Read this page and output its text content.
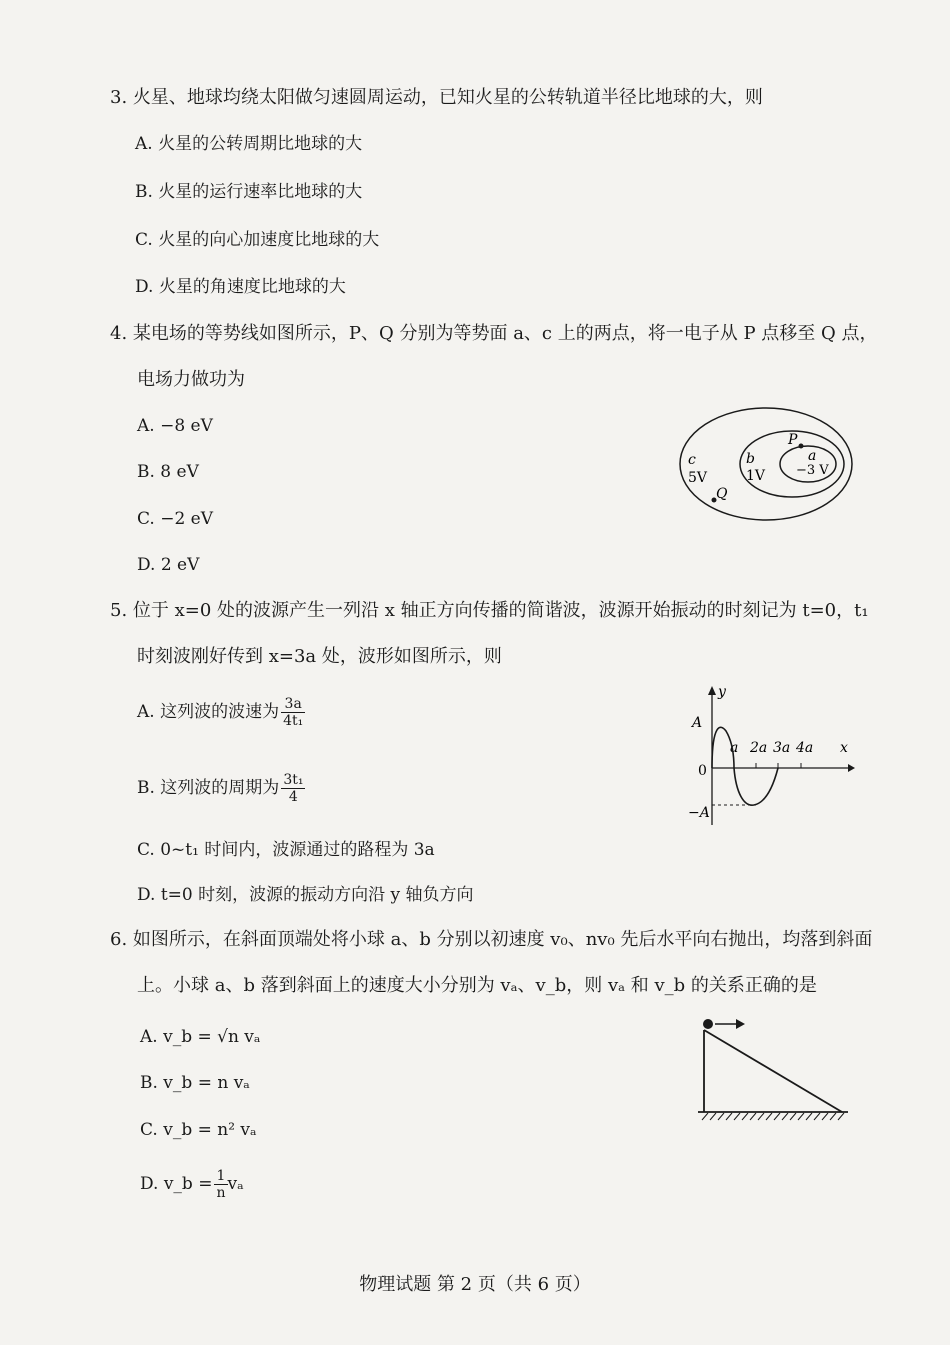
3. 火星、地球均绕太阳做匀速圆周运动，已知火星的公转轨道半径比地球的大，则
A. 火星的公转周期比地球的大
B. 火星的运行速率比地球的大
C. 火星的向心加速度比地球的大
D. 火星的角速度比地球的大
4. 某电场的等势线如图所示，P、Q 分别为等势面 a、c 上的两点，将一电子从 P 点移至 Q 点，
电场力做功为
A. −8 eV
B. 8 eV
C. −2 eV
D. 2 eV
P
Q
c
5V
b
1V
a
−3 V
5. 位于 x=0 处的波源产生一列沿 x 轴正方向传播的简谐波，波源开始振动的时刻记为 t=0，t₁
时刻波刚好传到 x=3a 处，波形如图所示，则
A. 这列波的波速为 $\frac{3a}{\text{4t₁}}$
B. 这列波的周期为 $\frac{\text{3t₁}}{4}$
C. 0~t₁ 时间内，波源通过的路程为 3a
D. t=0 时刻，波源的振动方向沿 y 轴负方向
y
x
A
0
−A
a 2a 3a 4a
6. 如图所示，在斜面顶端处将小球 a、b 分别以初速度 v₀、nv₀ 先后水平向右抛出，均落到斜面
上。小球 a、b 落到斜面上的速度大小分别为 vₐ、v_b，则 vₐ 和 v_b 的关系正确的是
A. v_b = √n vₐ
B. v_b = n vₐ
C. v_b = n² vₐ
D. v_b = $\frac{1}{n}$ vₐ
物理试题 第 2 页（共 6 页）
